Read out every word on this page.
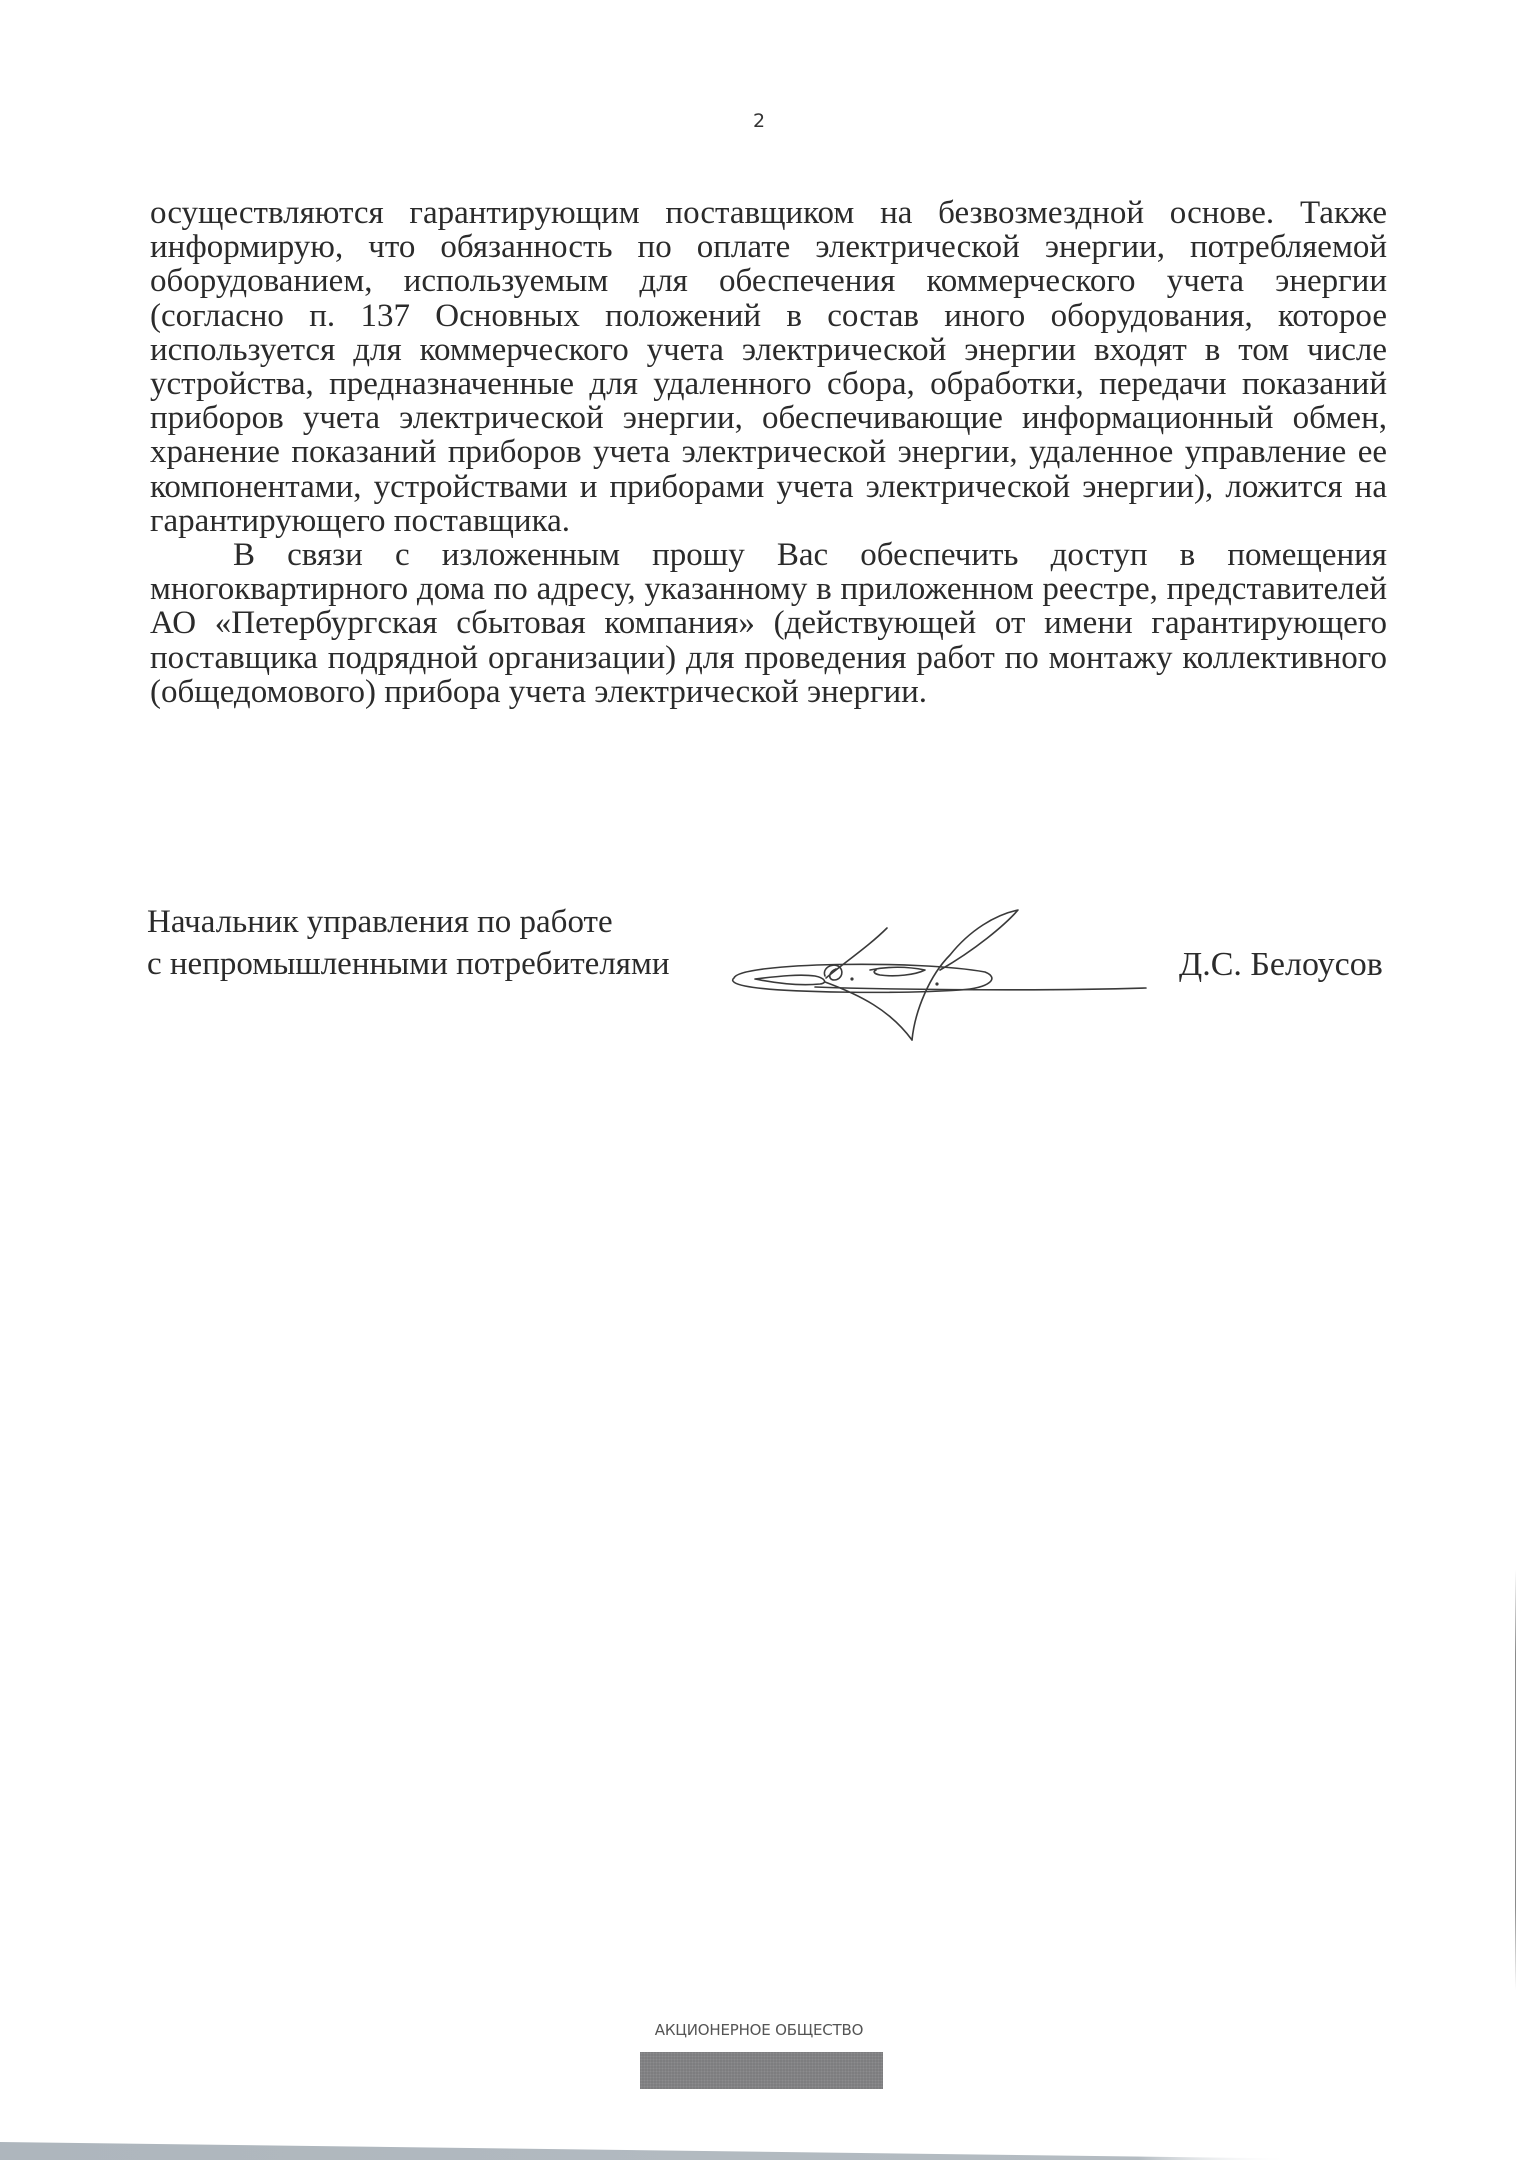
2

осуществляются гарантирующим поставщиком на безвозмездной основе. Также информирую, что обязанность по оплате электрической энергии, потребляемой оборудованием, используемым для обеспечения коммерческого учета энергии (согласно п. 137 Основных положений в состав иного оборудования, которое используется для коммерческого учета электрической энергии входят в том числе устройства, предназначенные для удаленного сбора, обработки, передачи показаний приборов учета электрической энергии, обеспечивающие информационный обмен, хранение показаний приборов учета электрической энергии, удаленное управление ее компонентами, устройствами и приборами учета электрической энергии), ложится на гарантирующего поставщика.

В связи с изложенным прошу Вас обеспечить доступ в помещения многоквартирного дома по адресу, указанному в приложенном реестре, представителей АО «Петербургская сбытовая компания» (действующей от имени гарантирующего поставщика подрядной организации) для проведения работ по монтажу коллективного (общедомового) прибора учета электрической энергии.

Начальник управления по работе
с непромышленными потребителями	Д.С. Белоусов
АКЦИОНЕРНОЕ ОБЩЕСТВО
